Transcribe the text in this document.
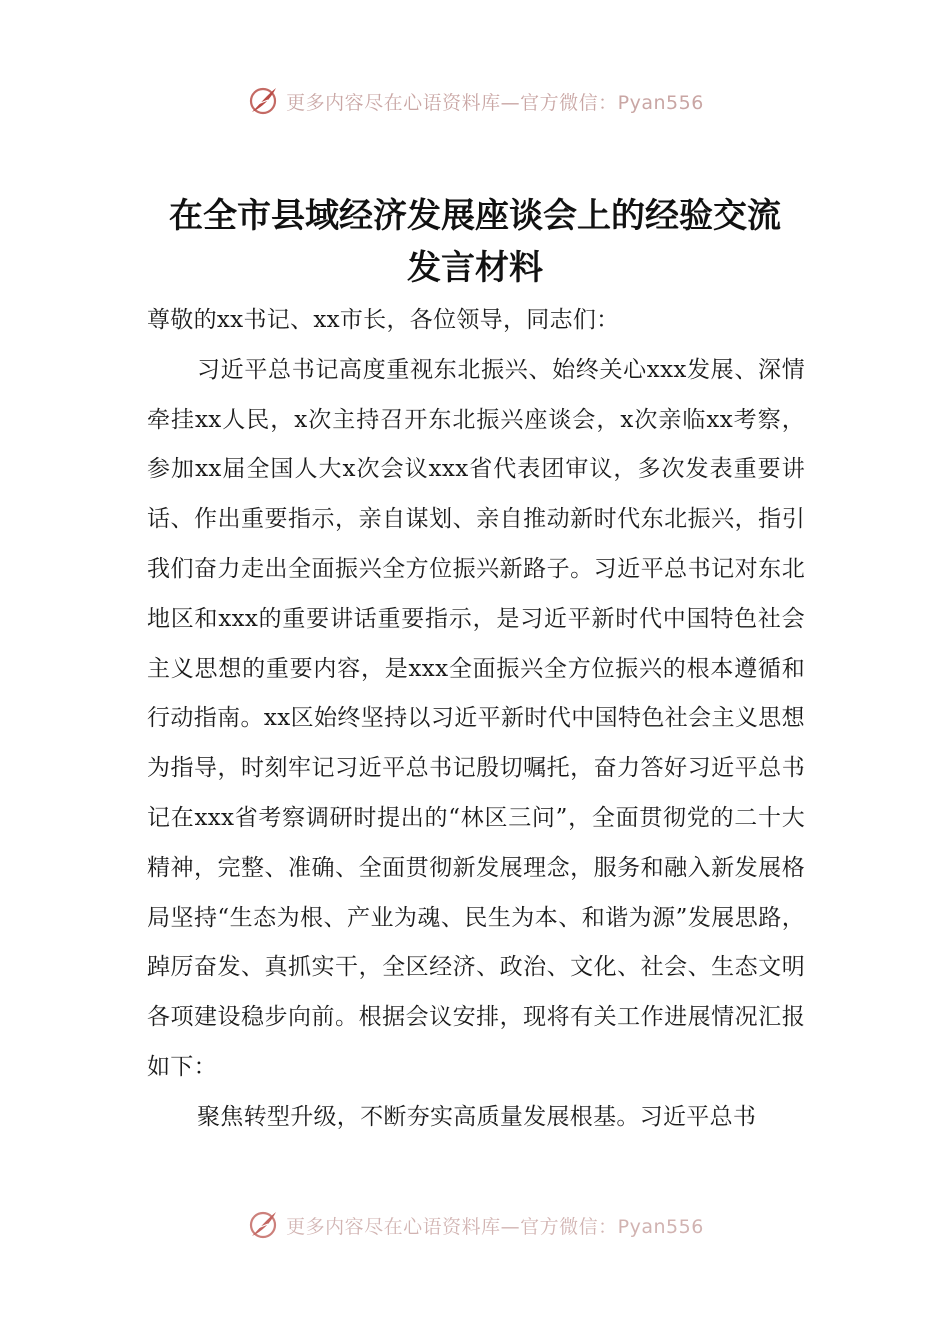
更多内容尽在心语资料库—官方微信：Pyan556
在全市县域经济发展座谈会上的经验交流
发言材料

尊敬的xx书记、xx市长，各位领导，同志们：

习近平总书记高度重视东北振兴、始终关心xxx发展、深情牵挂xx人民，x次主持召开东北振兴座谈会，x次亲临xx考察，参加xx届全国人大x次会议xxx省代表团审议，多次发表重要讲话、作出重要指示，亲自谋划、亲自推动新时代东北振兴，指引我们奋力走出全面振兴全方位振兴新路子。习近平总书记对东北地区和xxx的重要讲话重要指示，是习近平新时代中国特色社会主义思想的重要内容，是xxx全面振兴全方位振兴的根本遵循和行动指南。xx区始终坚持以习近平新时代中国特色社会主义思想为指导，时刻牢记习近平总书记殷切嘱托，奋力答好习近平总书记在xxx省考察调研时提出的“林区三问”，全面贯彻党的二十大精神，完整、准确、全面贯彻新发展理念，服务和融入新发展格局坚持“生态为根、产业为魂、民生为本、和谐为源”发展思路，踔厉奋发、真抓实干，全区经济、政治、文化、社会、生态文明各项建设稳步向前。根据会议安排，现将有关工作进展情况汇报如下：

聚焦转型升级，不断夯实高质量发展根基。习近平总书

更多内容尽在心语资料库—官方微信：Pyan556
